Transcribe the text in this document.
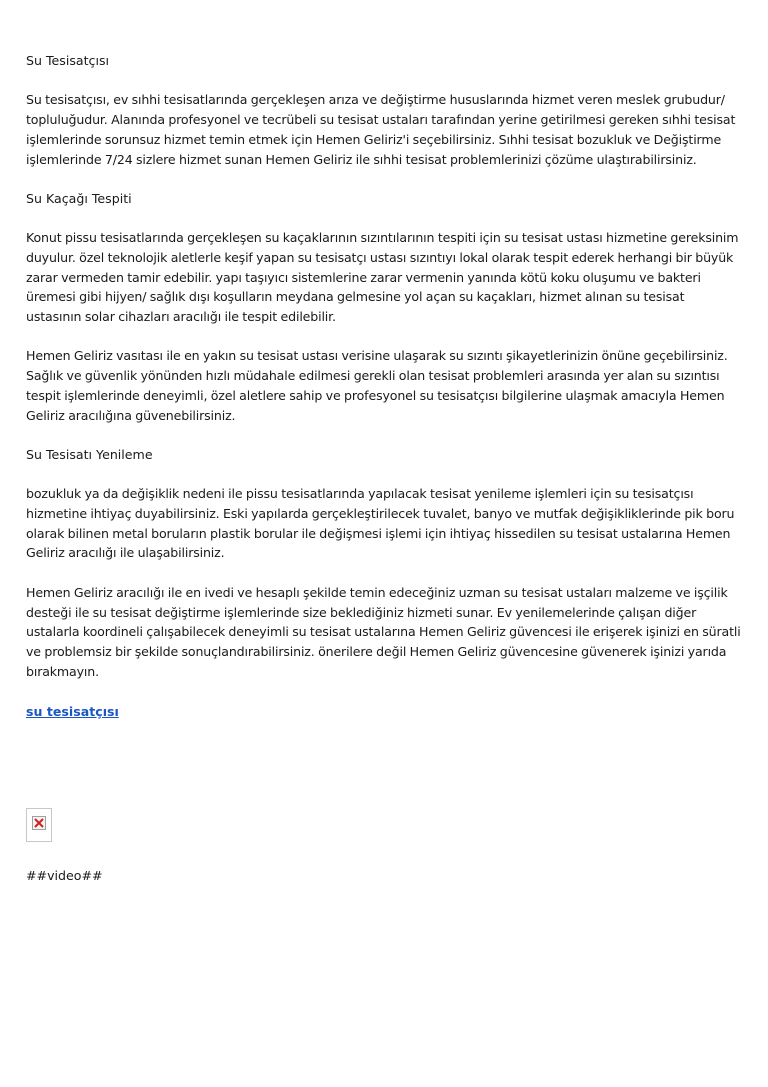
Su Tesisatçısı

Su tesisatçısı, ev sıhhi tesisatlarında gerçekleşen arıza ve değiştirme hususlarında hizmet veren meslek grubudur/ topluluğudur. Alanında profesyonel ve tecrübeli su tesisat ustaları tarafından yerine getirilmesi gereken sıhhi tesisat işlemlerinde sorunsuz hizmet temin etmek için Hemen Geliriz'i seçebilirsiniz. Sıhhi tesisat bozukluk ve Değiştirme işlemlerinde 7/24 sizlere hizmet sunan Hemen Geliriz ile sıhhi tesisat problemlerinizi çözüme ulaştırabilirsiniz.

Su Kaçağı Tespiti

Konut pissu tesisatlarında gerçekleşen su kaçaklarının sızıntılarının tespiti için su tesisat ustası hizmetine gereksinim duyulur. özel teknolojik aletlerle keşif yapan su tesisatçı ustası sızıntıyı lokal olarak tespit ederek herhangi bir büyük zarar vermeden tamir edebilir. yapı taşıyıcı sistemlerine zarar vermenin yanında kötü koku oluşumu ve bakteri üremesi gibi hijyen/ sağlık dışı koşulların meydana gelmesine yol açan su kaçakları, hizmet alınan su tesisat ustasının solar cihazları aracılığı ile tespit edilebilir.

Hemen Geliriz vasıtası ile en yakın su tesisat ustası verisine ulaşarak su sızıntı şikayetlerinizin önüne geçebilirsiniz. Sağlık ve güvenlik yönünden hızlı müdahale edilmesi gerekli olan tesisat problemleri arasında yer alan su sızıntısı tespit işlemlerinde deneyimli, özel aletlere sahip ve profesyonel su tesisatçısı bilgilerine ulaşmak amacıyla Hemen Geliriz aracılığına güvenebilirsiniz.

Su Tesisatı Yenileme

bozukluk ya da değişiklik nedeni ile pissu tesisatlarında yapılacak tesisat yenileme işlemleri için su tesisatçısı hizmetine ihtiyaç duyabilirsiniz. Eski yapılarda gerçekleştirilecek tuvalet, banyo ve mutfak değişikliklerinde pik boru olarak bilinen metal boruların plastik borular ile değişmesi işlemi için ihtiyaç hissedilen su tesisat ustalarına Hemen Geliriz aracılığı ile ulaşabilirsiniz.

Hemen Geliriz aracılığı ile en ivedi ve hesaplı şekilde temin edeceğiniz uzman su tesisat ustaları malzeme ve işçilik desteği ile su tesisat değiştirme işlemlerinde size beklediğiniz hizmeti sunar. Ev yenilemelerinde çalışan diğer ustalarla koordineli çalışabilecek deneyimli su tesisat ustalarına Hemen Geliriz güvencesi ile erişerek işinizi en süratli ve problemsiz bir şekilde sonuçlandırabilirsiniz. önerilere değil Hemen Geliriz güvencesine güvenerek işinizi yarıda bırakmayın.

su tesisatçısı
##video##
